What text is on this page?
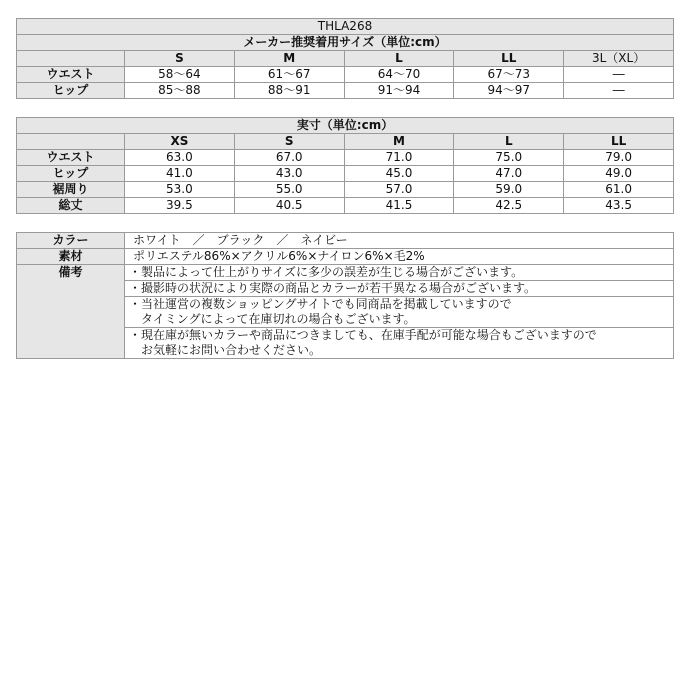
THLA268					
メーカー推奨着用サイズ（単位:cm）					
	S	M	L	LL	3L（XL）
ウエスト	58〜64	61〜67	64〜70	67〜73	―
ヒップ	85〜88	88〜91	91〜94	94〜97	―
実寸（単位:cm）					
	XS	S	M	L	LL
ウエスト	63.0	67.0	71.0	75.0	79.0
ヒップ	41.0	43.0	45.0	47.0	49.0
裾周り	53.0	55.0	57.0	59.0	61.0
総丈	39.5	40.5	41.5	42.5	43.5
カラー	ホワイト　／　ブラック　／　ネイビー
素材	ポリエステル86%×アクリル6%×ナイロン6%×毛2%
備考	・製品によって仕上がりサイズに多少の誤差が生じる場合がございます。

	・撮影時の状況により実際の商品とカラーが若干異なる場合がございます。

	・当社運営の複数ショッピングサイトでも同商品を掲載していますので
　タイミングによって在庫切れの場合もございます。

	・現在庫が無いカラーや商品につきましても、在庫手配が可能な場合もございますので
　お気軽にお問い合わせください。
